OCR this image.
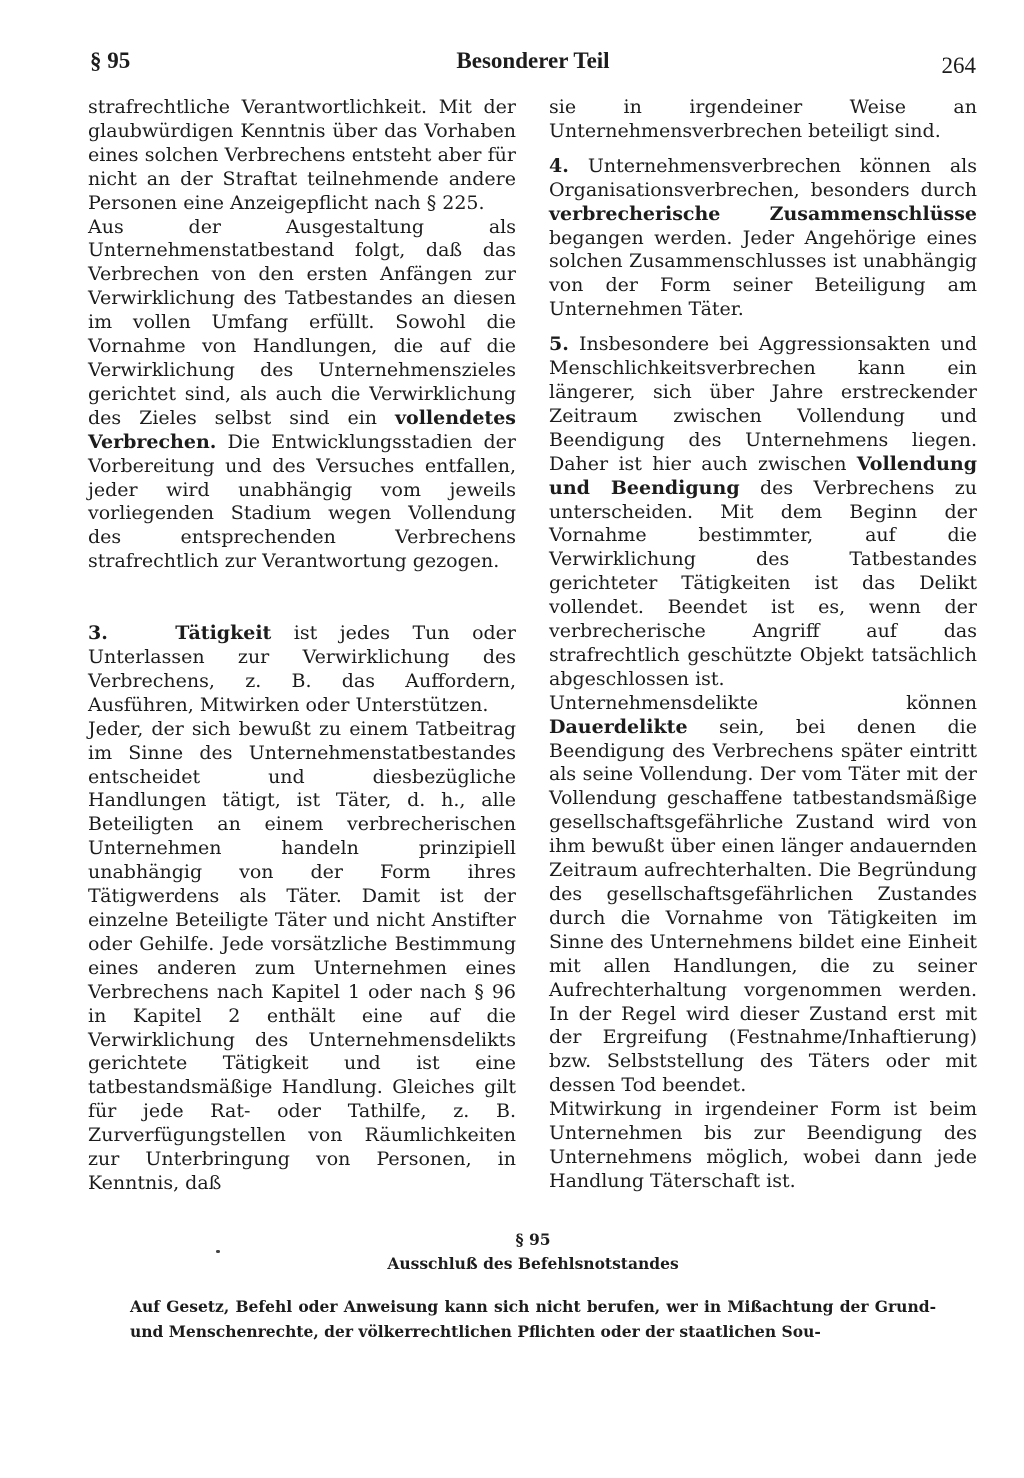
§ 95	Besonderer Teil	264

strafrechtliche Verantwortlichkeit. Mit der glaubwürdigen Kenntnis über das Vorhaben eines solchen Verbrechens entsteht aber für nicht an der Straftat teilnehmende andere Personen eine Anzeigepflicht nach § 225.

Aus der Ausgestaltung als Unternehmenstatbestand folgt, daß das Verbrechen von den ersten Anfängen zur Verwirklichung des Tatbestandes an diesen im vollen Umfang erfüllt. Sowohl die Vornahme von Handlungen, die auf die Verwirklichung des Unternehmenszieles gerichtet sind, als auch die Verwirklichung des Zieles selbst sind ein vollendetes Verbrechen. Die Entwicklungsstadien der Vorbereitung und des Versuches entfallen, jeder wird unabhängig vom jeweils vorliegenden Stadium wegen Vollendung des entsprechenden Verbrechens strafrechtlich zur Verantwortung gezogen.

3.	Tätigkeit ist jedes Tun oder Unterlassen zur Verwirklichung des Verbrechens, z. B. das Auffordern, Ausführen, Mitwirken oder Unterstützen.

Jeder, der sich bewußt zu einem Tatbeitrag im Sinne des Unternehmenstatbestandes entscheidet und diesbezügliche Handlungen tätigt, ist Täter, d. h., alle Beteiligten an einem verbrecherischen Unternehmen handeln prinzipiell unabhängig von der Form ihres Tätigwerdens als Täter. Damit ist der einzelne Beteiligte Täter und nicht Anstifter oder Gehilfe. Jede vorsätzliche Bestimmung eines anderen zum Unternehmen eines Verbrechens nach Kapitel 1 oder nach § 96 in Kapitel 2 enthält eine auf die Verwirklichung des Unternehmensdelikts gerichtete Tätigkeit und ist eine tatbestandsmäßige Handlung. Gleiches gilt für jede Rat- oder Tathilfe, z. B. Zurverfügungstellen von Räumlichkeiten zur Unterbringung von Personen, in Kenntnis, daß

sie in irgendeiner Weise an Unternehmensverbrechen beteiligt sind.

4. Unternehmensverbrechen können als Organisationsverbrechen, besonders durch verbrecherische Zusammenschlüsse begangen werden. Jeder Angehörige eines solchen Zusammenschlusses ist unabhängig von der Form seiner Beteiligung am Unternehmen Täter.

5. Insbesondere bei Aggressionsakten und Menschlichkeitsverbrechen kann ein längerer, sich über Jahre erstreckender Zeitraum zwischen Vollendung und Beendigung des Unternehmens liegen. Daher ist hier auch zwischen Vollendung und Beendigung des Verbrechens zu unterscheiden. Mit dem Beginn der Vornahme bestimmter, auf die Verwirklichung des Tatbestandes gerichteter Tätigkeiten ist das Delikt vollendet. Beendet ist es, wenn der verbrecherische Angriff auf das strafrechtlich geschützte Objekt tatsächlich abgeschlossen ist.

Unternehmensdelikte können Dauerdelikte sein, bei denen die Beendigung des Verbrechens später eintritt als seine Vollendung. Der vom Täter mit der Vollendung geschaffene tatbestandsmäßige gesellschaftsgefährliche Zustand wird von ihm bewußt über einen länger andauernden Zeitraum aufrechterhalten. Die Begründung des gesellschaftsgefährlichen Zustandes durch die Vornahme von Tätigkeiten im Sinne des Unternehmens bildet eine Einheit mit allen Handlungen, die zu seiner Aufrechterhaltung vorgenommen werden. In der Regel wird dieser Zustand erst mit der Ergreifung (Festnahme/Inhaftierung) bzw. Selbststellung des Täters oder mit dessen Tod beendet.

Mitwirkung in irgendeiner Form ist beim Unternehmen bis zur Beendigung des Unternehmens möglich, wobei dann jede Handlung Täterschaft ist.

§ 95
Ausschluß des Befehlsnotstandes
Auf Gesetz, Befehl oder Anweisung kann sich nicht berufen, wer in Mißachtung der Grund- und Menschenrechte, der völkerrechtlichen Pflichten oder der staatlichen Sou-
